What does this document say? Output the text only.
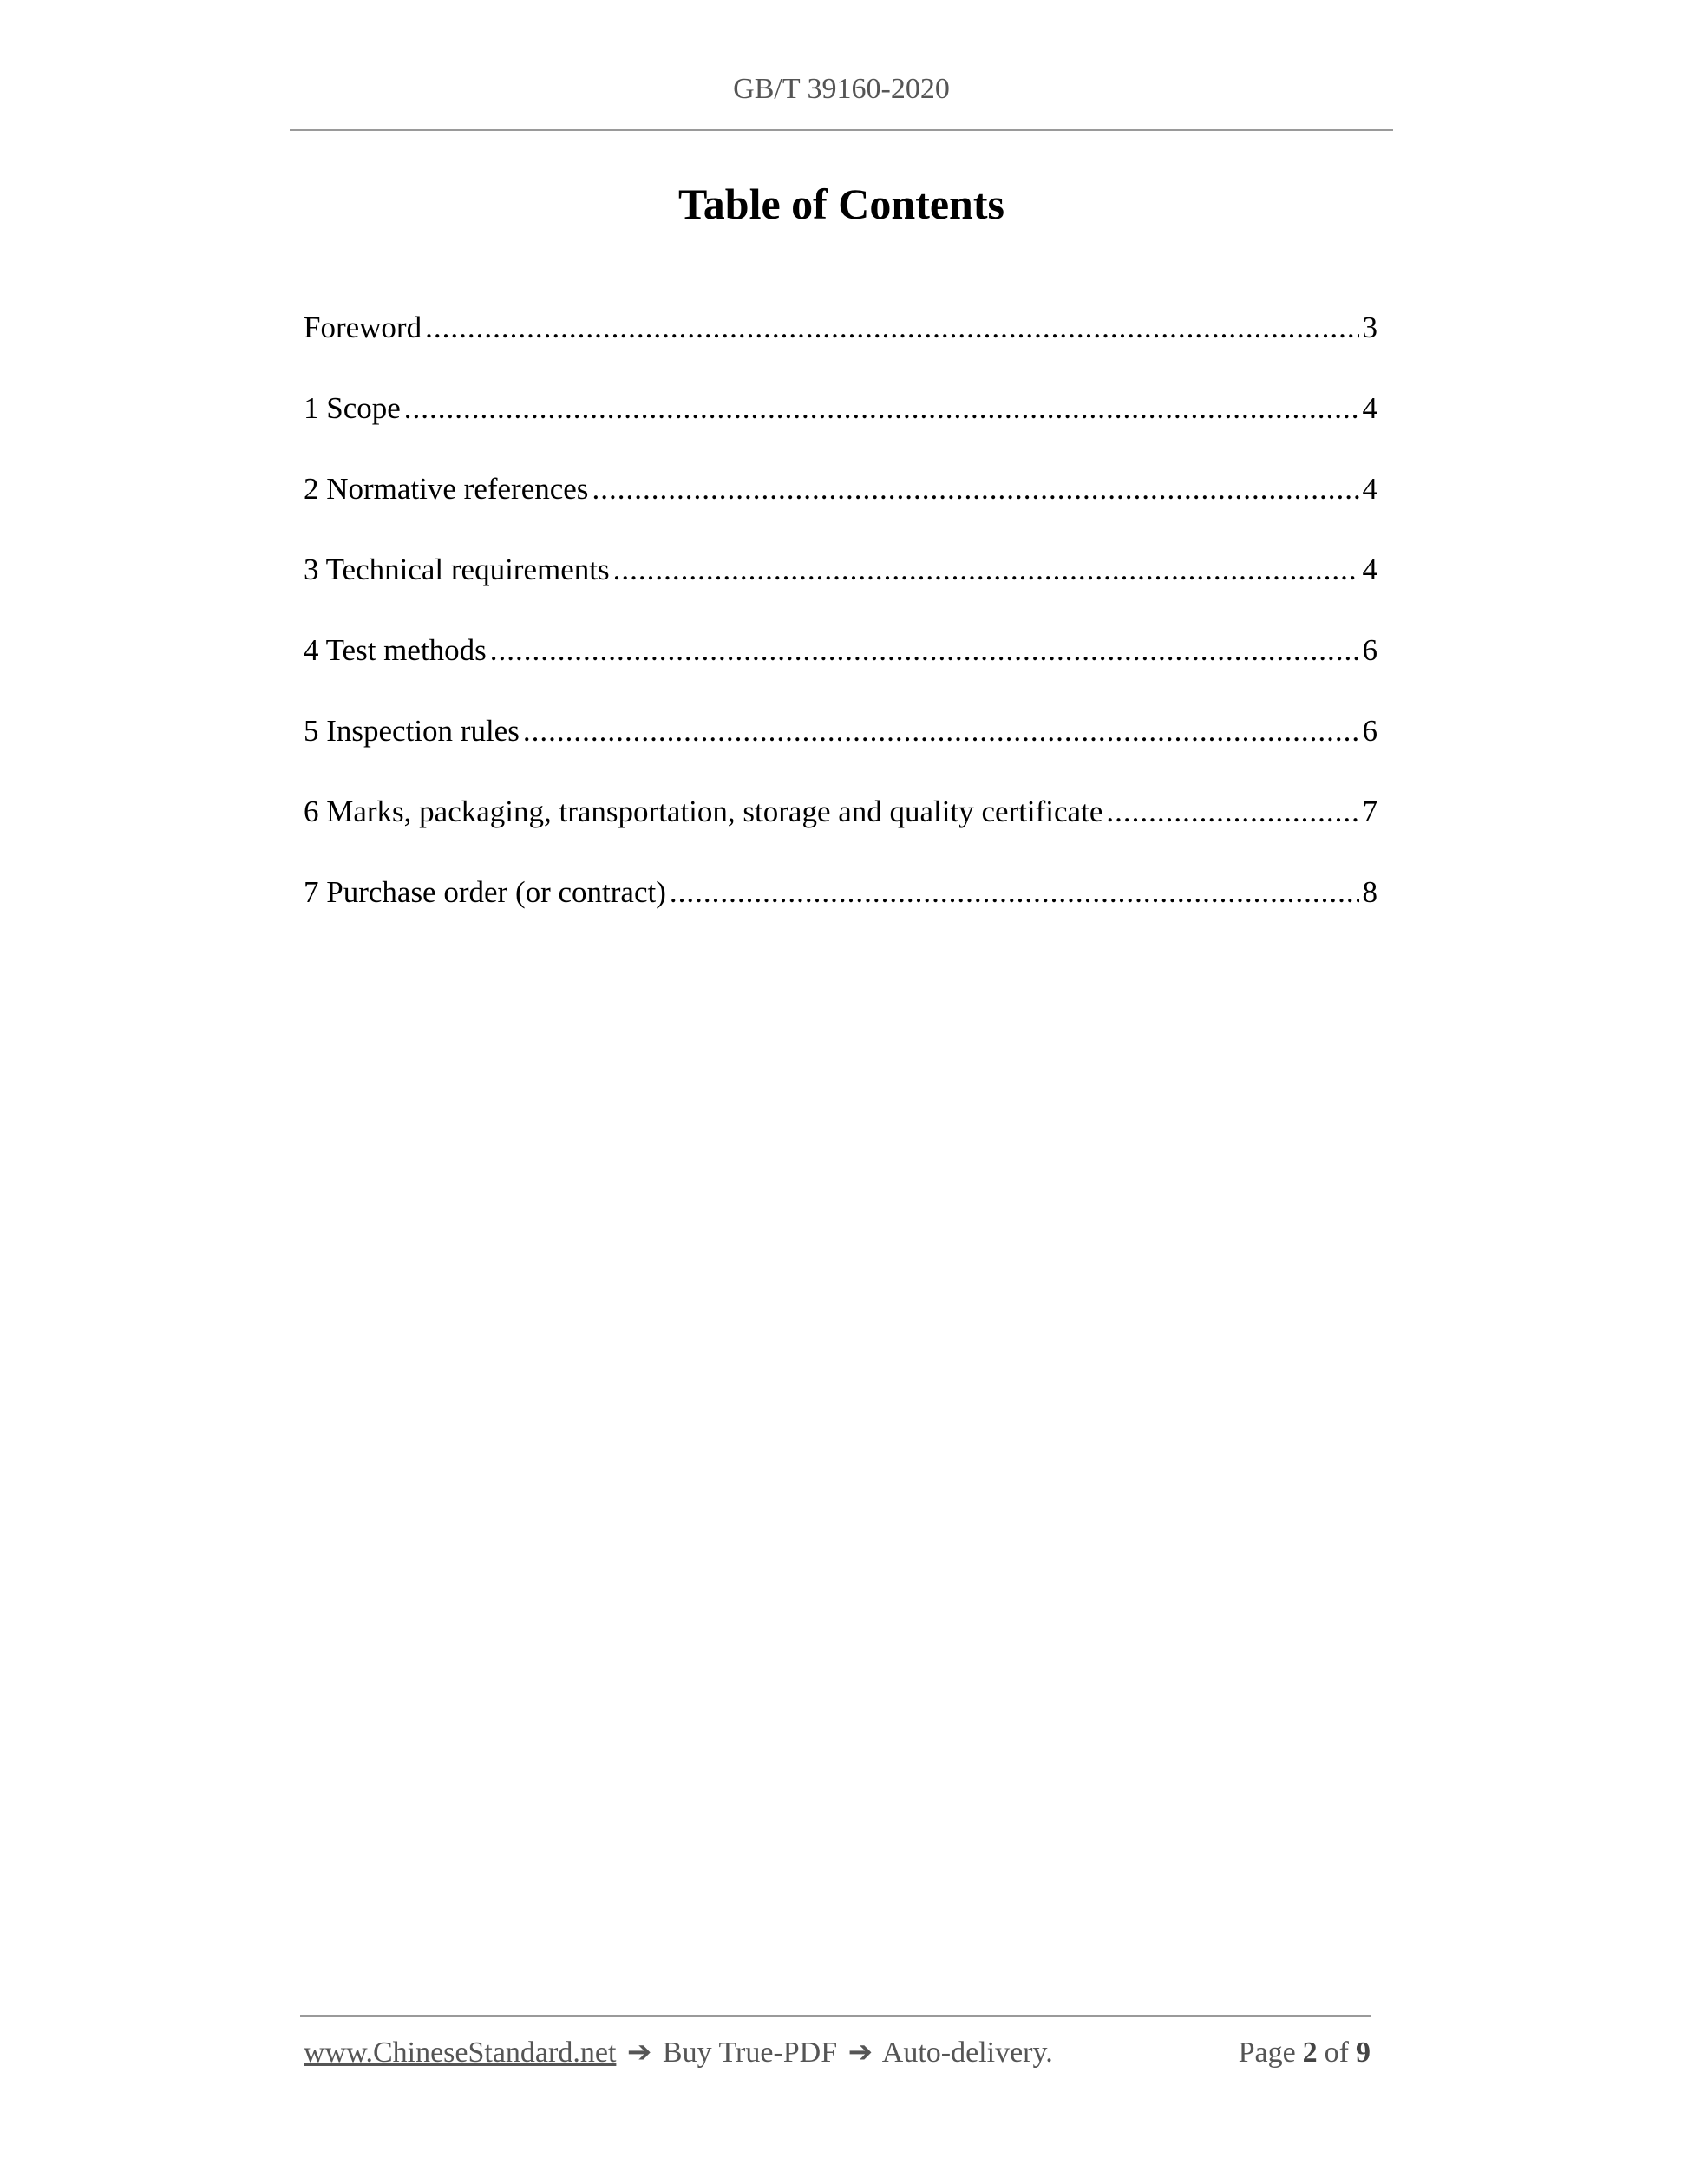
GB/T 39160-2020
Table of Contents
Foreword .....	3
1 Scope .....	4
2 Normative references .....	4
3 Technical requirements .....	4
4 Test methods .....	6
5 Inspection rules .....	6
6 Marks, packaging, transportation, storage and quality certificate .....	7
7 Purchase order (or contract) .....	8
www.ChineseStandard.net ➔ Buy True-PDF ➔ Auto-delivery.	Page 2 of 9
